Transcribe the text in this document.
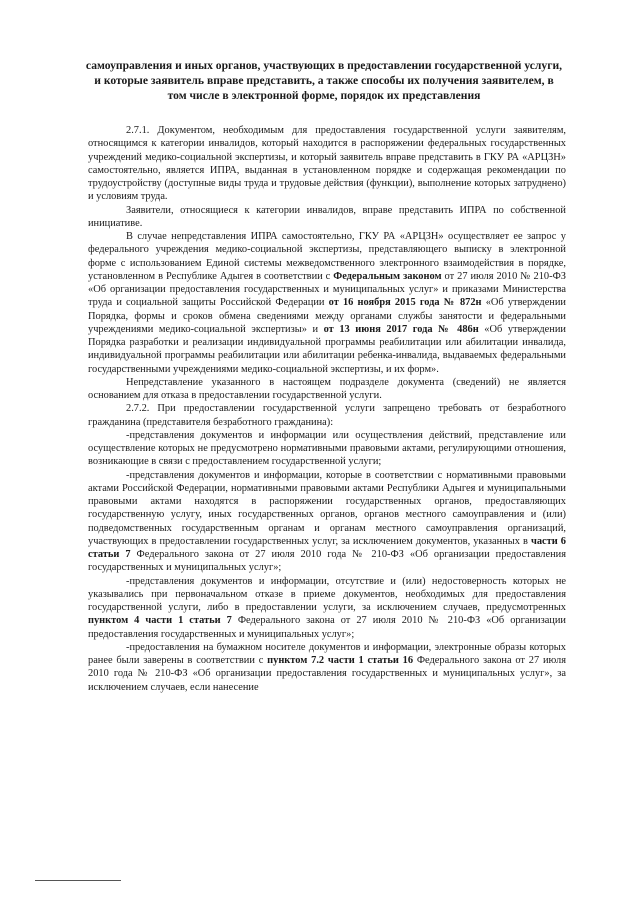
самоуправления и иных органов, участвующих в предоставлении государственной услуги, и которые заявитель вправе представить, а также способы их получения заявителем, в том числе в электронной форме, порядок их представления

2.7.1. Документом, необходимым для предоставления государственной услуги заявителям, относящимся к категории инвалидов, который находится в распоряжении федеральных государственных учреждений медико-социальной экспертизы, и который заявитель вправе представить в ГКУ РА «АРЦЗН» самостоятельно, является ИПРА, выданная в установленном порядке и содержащая рекомендации по трудоустройству (доступные виды труда и трудовые действия (функции), выполнение которых затруднено) и условиям труда.

Заявители, относящиеся к категории инвалидов, вправе представить ИПРА по собственной инициативе.

В случае непредставления ИПРА самостоятельно, ГКУ РА «АРЦЗН» осуществляет ее запрос у федерального учреждения медико-социальной экспертизы, представляющего выписку в электронной форме с использованием Единой системы межведомственного электронного взаимодействия в порядке, установленном в Республике Адыгея в соответствии с Федеральным законом от 27 июля 2010 № 210-ФЗ «Об организации предоставления государственных и муниципальных услуг» и приказами Министерства труда и социальной защиты Российской Федерации от 16 ноября 2015 года № 872н «Об утверждении Порядка, формы и сроков обмена сведениями между органами службы занятости и федеральными учреждениями медико-социальной экспертизы» и от 13 июня 2017 года № 486н «Об утверждении Порядка разработки и реализации индивидуальной программы реабилитации или абилитации инвалида, индивидуальной программы реабилитации или абилитации ребенка-инвалида, выдаваемых федеральными государственными учреждениями медико-социальной экспертизы, и их форм».

Непредставление указанного в настоящем подразделе документа (сведений) не является основанием для отказа в предоставлении государственной услуги.

2.7.2. При предоставлении государственной услуги запрещено требовать от безработного гражданина (представителя безработного гражданина):

-представления документов и информации или осуществления действий, представление или осуществление которых не предусмотрено нормативными правовыми актами, регулирующими отношения, возникающие в связи с предоставлением государственной услуги;

-представления документов и информации, которые в соответствии с нормативными правовыми актами Российской Федерации, нормативными правовыми актами Республики Адыгея и муниципальными правовыми актами находятся в распоряжении государственных органов, предоставляющих государственную услугу, иных государственных органов, органов местного самоуправления и (или) подведомственных государственным органам и органам местного самоуправления организаций, участвующих в предоставлении государственных услуг, за исключением документов, указанных в части 6 статьи 7 Федерального закона от 27 июля 2010 года № 210-ФЗ «Об организации предоставления государственных и муниципальных услуг»;

-представления документов и информации, отсутствие и (или) недостоверность которых не указывались при первоначальном отказе в приеме документов, необходимых для предоставления государственной услуги, либо в предоставлении услуги, за исключением случаев, предусмотренных пунктом 4 части 1 статьи 7 Федерального закона от 27 июля 2010 № 210-ФЗ «Об организации предоставления государственных и муниципальных услуг»;

-предоставления на бумажном носителе документов и информации, электронные образы которых ранее были заверены в соответствии с пунктом 7.2 части 1 статьи 16 Федерального закона от 27 июля 2010 года № 210-ФЗ «Об организации предоставления государственных и муниципальных услуг», за исключением случаев, если нанесение
